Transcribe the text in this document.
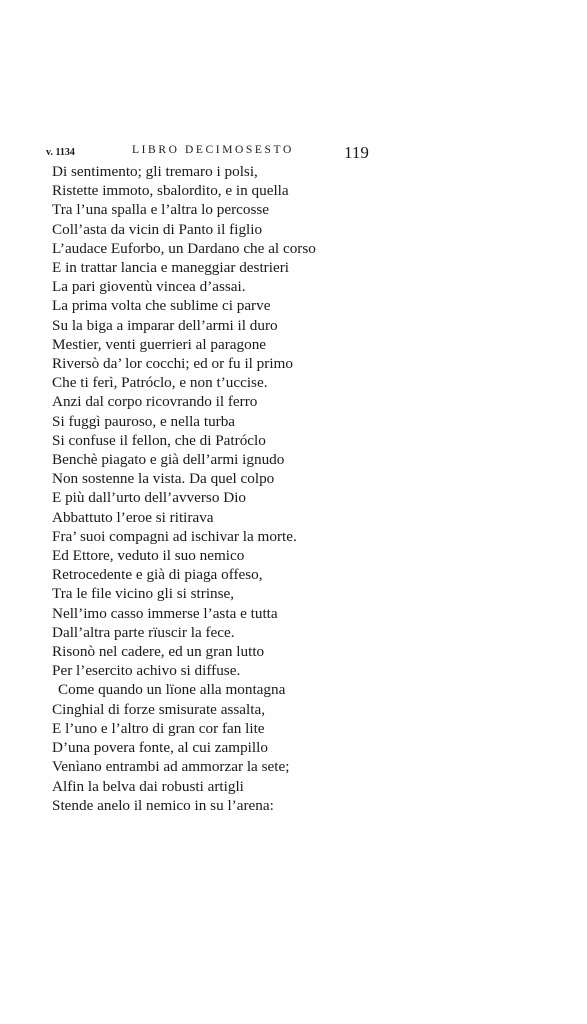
v. 1134	LIBRO DECIMOSESTO	119
Di sentimento; gli tremaro i polsi,
Ristette immoto, sbalordito, e in quella
Tra l’una spalla e l’altra lo percosse
Coll’asta da vicin di Panto il figlio
L’audace Euforbo, un Dardano che al corso
E in trattar lancia e maneggiar destrieri
La pari gioventù vincea d’assai.
La prima volta che sublime ci parve
Su la biga a imparar dell’armi il duro
Mestier, venti guerrieri al paragone
Riversò da’ lor cocchi; ed or fu il primo
Che ti ferì, Patróclo, e non t’uccise.
Anzi dal corpo ricovrando il ferro
Si fuggì pauroso, e nella turba
Si confuse il fellon, che di Patróclo
Benchè piagato e già dell’armi ignudo
Non sostenne la vista. Da quel colpo
E più dall’urto dell’avverso Dio
Abbattuto l’eroe si ritirava
Fra’ suoi compagni ad ischivar la morte.
Ed Ettore, veduto il suo nemico
Retrocedente e già di piaga offeso,
Tra le file vicino gli si strinse,
Nell’imo casso immerse l’asta e tutta
Dall’altra parte rïuscir la fece.
Risonò nel cadere, ed un gran lutto
Per l’esercito achivo si diffuse.
Come quando un lïone alla montagna
Cinghial di forze smisurate assalta,
E l’uno e l’altro di gran cor fan lite
D’una povera fonte, al cui zampillo
Venìano entrambi ad ammorzar la sete;
Alfin la belva dai robusti artigli
Stende anelo il nemico in su l’arena:
